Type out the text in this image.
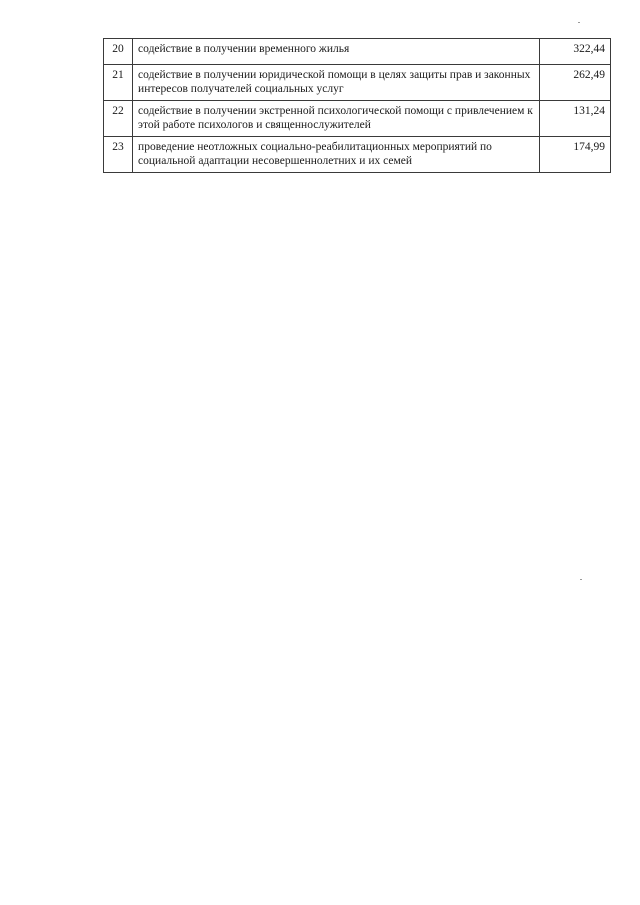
20	содействие в получении временного жилья	322,44
21	содействие в получении юридической помощи в целях защиты прав и законных интересов получателей социальных услуг	262,49
22	содействие в получении экстренной психологической помощи с привлечением к этой работе психологов и священнослужителей	131,24
23	проведение неотложных социально-реабилитационных мероприятий по социальной адаптации несовершеннолетних и их семей	174,99
